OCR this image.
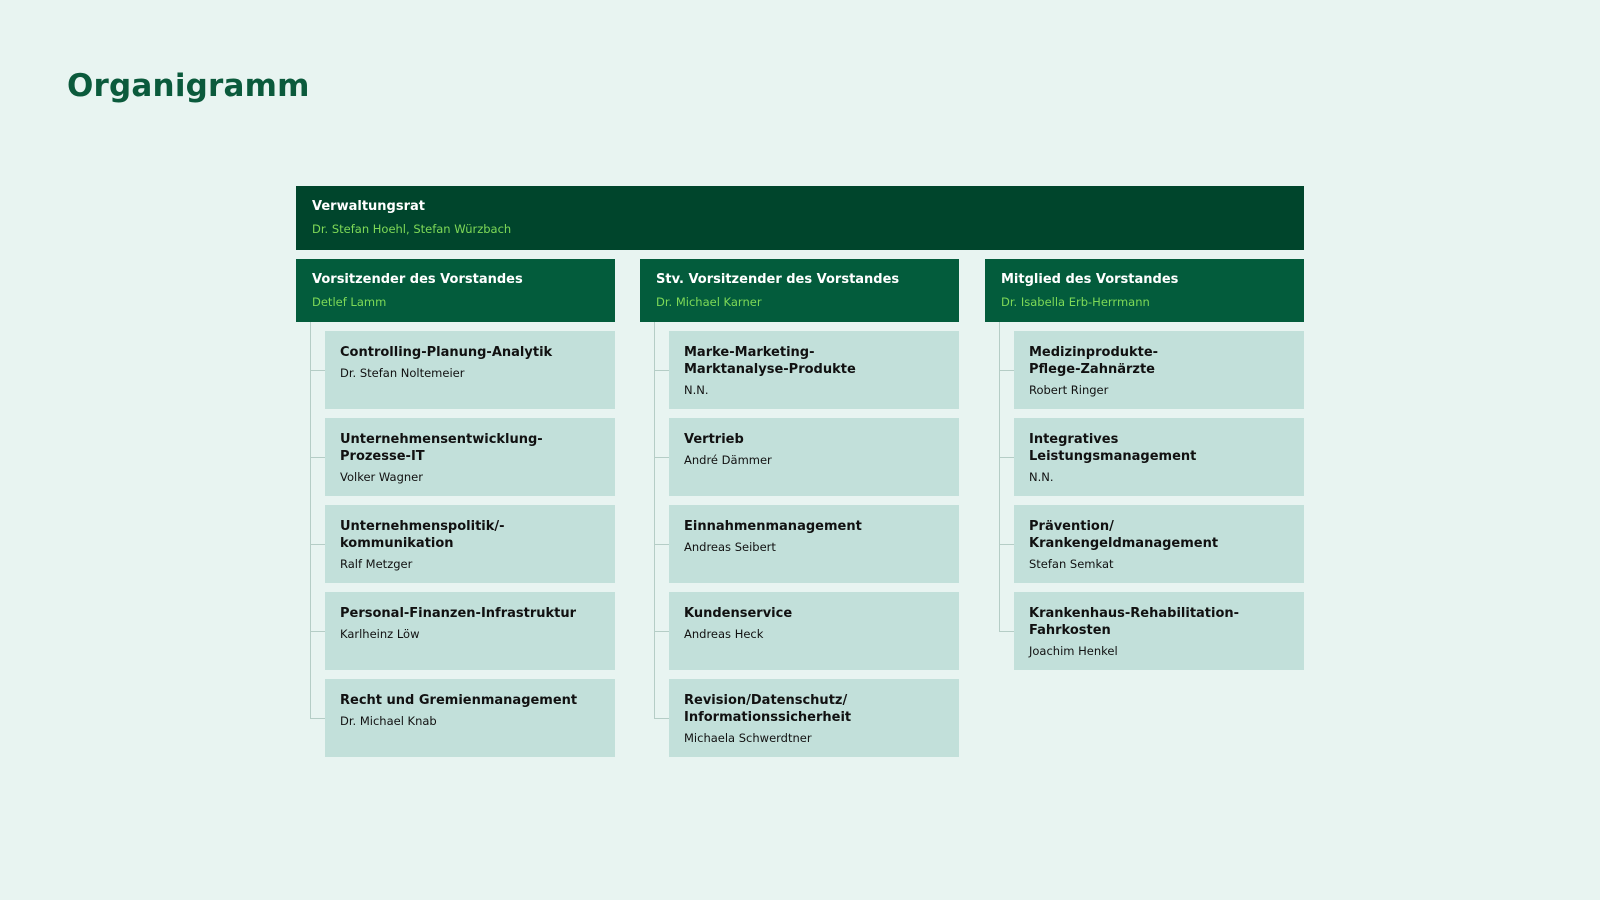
Organigramm
Verwaltungsrat
Dr. Stefan Hoehl, Stefan Würzbach
Vorsitzender des Vorstandes
Detlef Lamm
Controlling-Planung-Analytik
Dr. Stefan Noltemeier
Unternehmensentwicklung-
Prozesse-IT
Volker Wagner
Unternehmenspolitik/-kommunikation
Ralf Metzger
Personal-Finanzen-Infrastruktur
Karlheinz Löw
Recht und Gremienmanagement
Dr. Michael Knab
Stv. Vorsitzender des Vorstandes
Dr. Michael Karner
Marke-Marketing-
Marktanalyse-Produkte
N.N.
Vertrieb
André Dämmer
Einnahmenmanagement
Andreas Seibert
Kundenservice
Andreas Heck
Revision/Datenschutz/
Informationssicherheit
Michaela Schwerdtner
Mitglied des Vorstandes
Dr. Isabella Erb-Herrmann
Medizinprodukte-
Pflege-Zahnärzte
Robert Ringer
Integratives
Leistungsmanagement
N.N.
Prävention/
Krankengeldmanagement
Stefan Semkat
Krankenhaus-Rehabilitation-
Fahrkosten
Joachim Henkel
